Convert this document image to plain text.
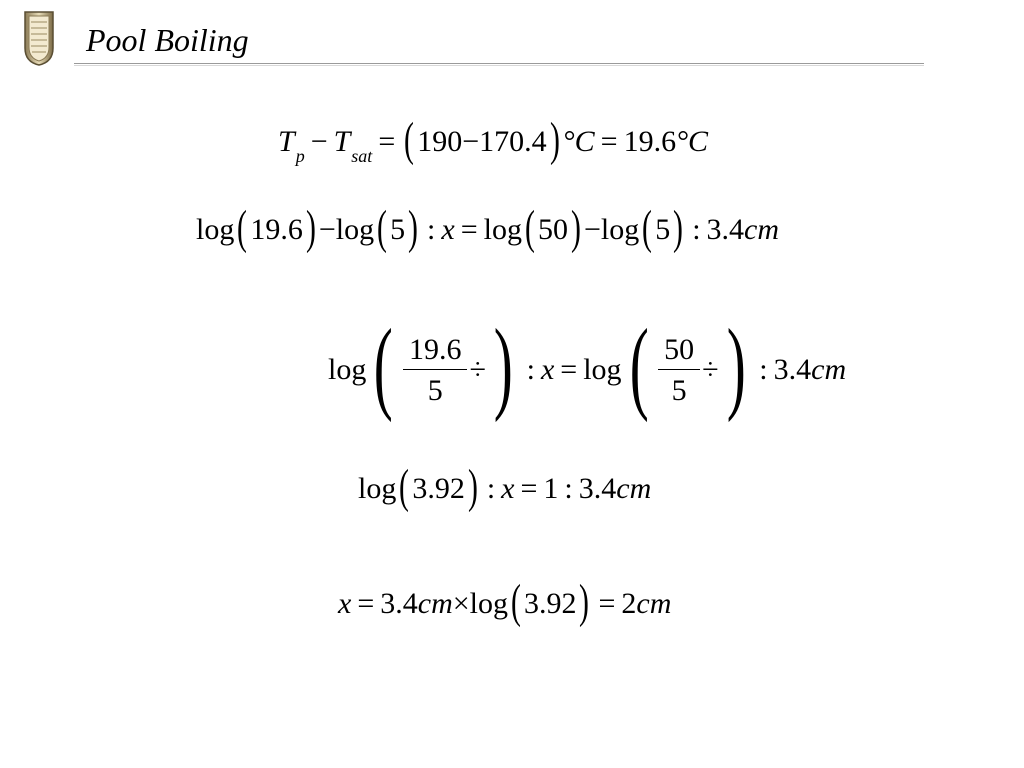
Pool Boiling
T p − T sat = ( 190 − 170.4 ) °C = 19.6 °C
log ( 19.6 ) − log ( 5 ) : x = log ( 50 ) − log ( 5 ) : 3.4 cm
log ( $\frac{19.6}{5}$ ÷ ) : x = log ( $\frac{50}{5}$ ÷ ) : 3.4 cm
log ( 3.92 ) : x = 1 : 3.4 cm
x = 3.4 cm × log ( 3.92 ) = 2 cm
